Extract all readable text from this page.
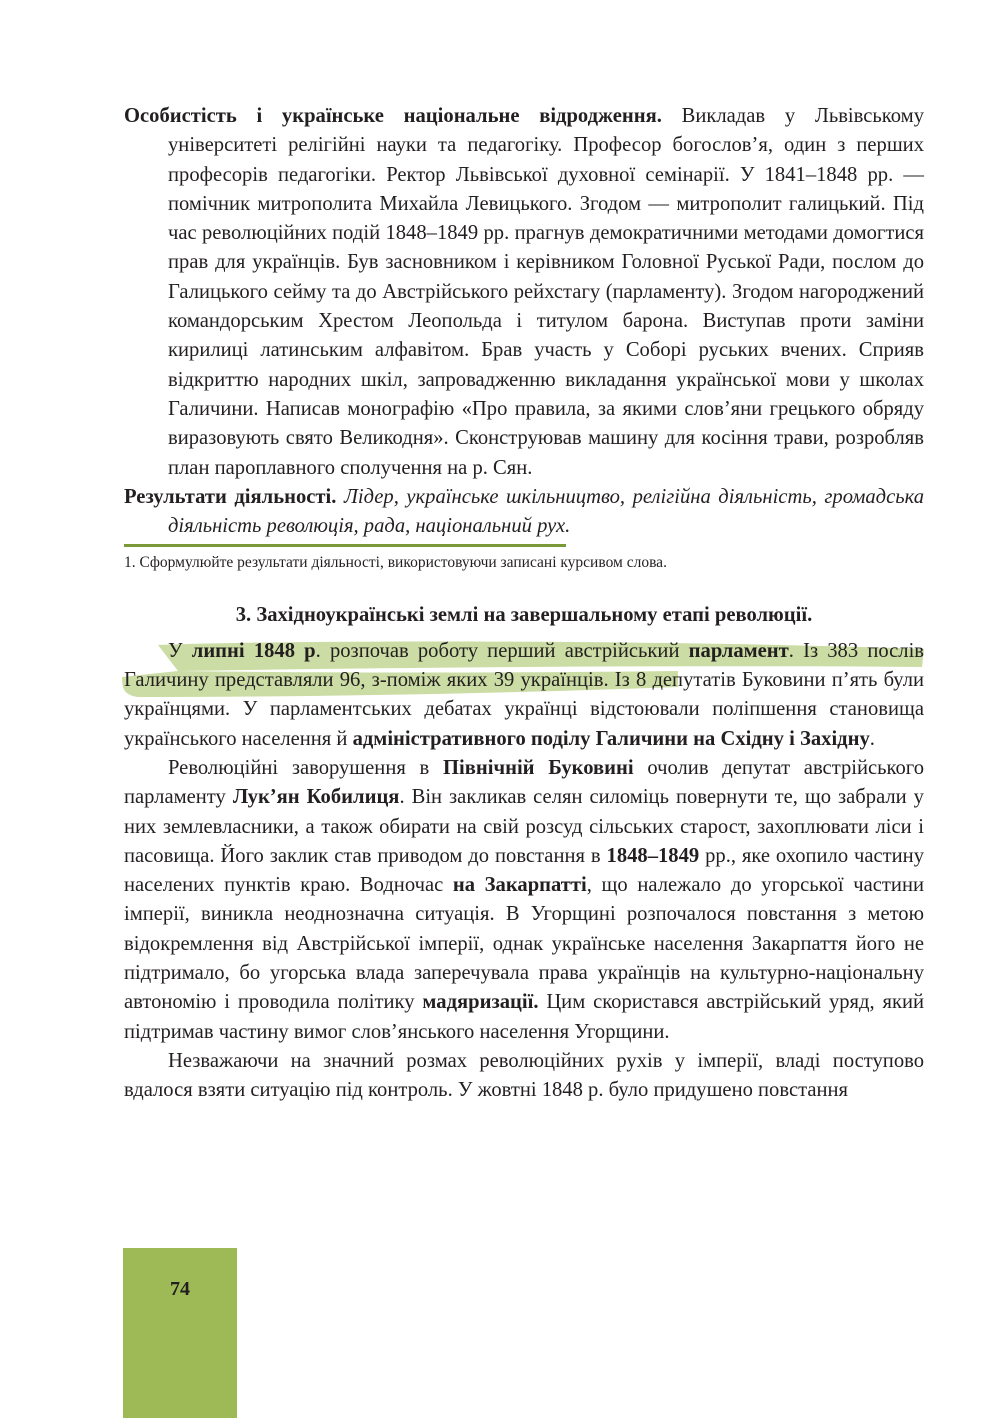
Особистість і українське національне відродження. Викладав у Львівському університеті релігійні науки та педагогіку. Професор богослов’я, один з перших професорів педагогіки. Ректор Львівської духовної семінарії. У 1841–1848 рр. — помічник митрополита Михайла Левицького. Згодом — митрополит галицький. Під час революційних подій 1848–1849 рр. прагнув демократичними методами домогтися прав для українців. Був засновником і керівником Головної Руської Ради, послом до Галицького сейму та до Австрійського рейхстагу (парламенту). Згодом нагороджений командорським Хрестом Леопольда і титулом барона. Виступав проти заміни кирилиці латинським алфавітом. Брав участь у Соборі руських вчених. Сприяв відкриттю народних шкіл, запровадженню викладання української мови у школах Галичини. Написав монографію «Про правила, за якими слов’яни грецького обряду виразовують свято Великодня». Сконструював машину для косіння трави, розробляв план пароплавного сполучення на р. Сян.

Результати діяльності. Лідер, українське шкільництво, релігійна діяльність, громадська діяльність революція, рада, національний рух.

1. Сформулюйте результати діяльності, використовуючи записані курсивом слова.

3. Західноукраїнські землі на завершальному етапі революції.

У липні 1848 р. розпочав роботу перший австрійський парламент. Із 383 послів Галичину представляли 96, з-поміж яких 39 українців. Із 8 депутатів Буковини п’ять були українцями. У парламентських дебатах українці відстоювали поліпшення становища українського населення й адміністративного поділу Галичини на Східну і Західну.

Революційні заворушення в Північній Буковині очолив депутат австрійського парламенту Лук’ян Кобилиця. Він закликав селян силоміць повернути те, що забрали у них землевласники, а також обирати на свій розсуд сільських старост, захоплювати ліси і пасовища. Його заклик став приводом до повстання в 1848–1849 рр., яке охопило частину населених пунктів краю. Водночас на Закарпатті, що належало до угорської частини імперії, виникла неоднозначна ситуація. В Угорщині розпочалося повстання з метою відокремлення від Австрійської імперії, однак українське населення Закарпаття його не підтримало, бо угорська влада заперечувала права українців на культурно-національну автономію і проводила політику мадяризації. Цим скористався австрійський уряд, який підтримав частину вимог слов’янського населення Угорщини.

Незважаючи на значний розмах революційних рухів у імперії, владі поступово вдалося взяти ситуацію під контроль. У жовтні 1848 р. було придушено повстання

74
